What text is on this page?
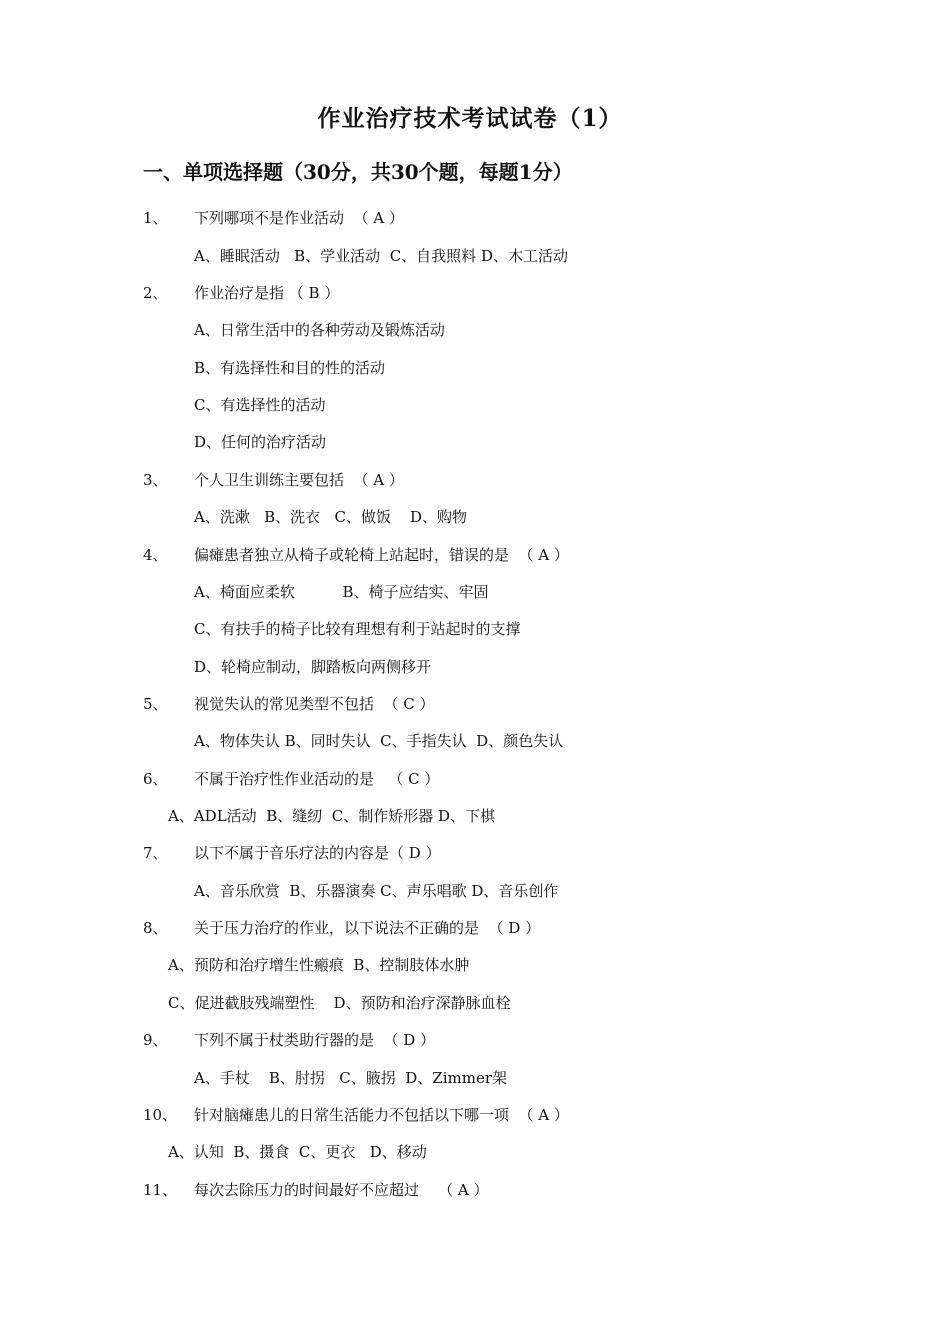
作业治疗技术考试试卷（1）
一、单项选择题（30分，共30个题，每题1分）
1、 下列哪项不是作业活动  （ A ）
A、睡眠活动   B、学业活动  C、自我照料 D、木工活动
2、 作业治疗是指 （ B ）
A、日常生活中的各种劳动及锻炼活动
B、有选择性和目的性的活动
C、有选择性的活动
D、任何的治疗活动
3、 个人卫生训练主要包括  （ A ）
A、洗漱   B、洗衣   C、做饭    D、购物
4、 偏瘫患者独立从椅子或轮椅上站起时，错误的是  （ A ）
A、椅面应柔软          B、椅子应结实、牢固
C、有扶手的椅子比较有理想有利于站起时的支撑
D、轮椅应制动，脚踏板向两侧移开
5、 视觉失认的常见类型不包括  （ C ）
A、物体失认 B、同时失认  C、手指失认  D、颜色失认
6、 不属于治疗性作业活动的是   （ C ）
A、ADL活动  B、缝纫  C、制作矫形器 D、下棋
7、 以下不属于音乐疗法的内容是（ D ）
A、音乐欣赏  B、乐器演奏 C、声乐唱歌 D、音乐创作
8、 关于压力治疗的作业，以下说法不正确的是  （ D ）
A、预防和治疗增生性瘢痕  B、控制肢体水肿
C、促进截肢残端塑性    D、预防和治疗深静脉血栓
9、 下列不属于杖类助行器的是  （ D ）
A、手杖    B、肘拐   C、腋拐  D、Zimmer架
10、 针对脑瘫患儿的日常生活能力不包括以下哪一项  （ A ）
A、认知  B、摄食  C、更衣   D、移动
11、 每次去除压力的时间最好不应超过    （ A ）
